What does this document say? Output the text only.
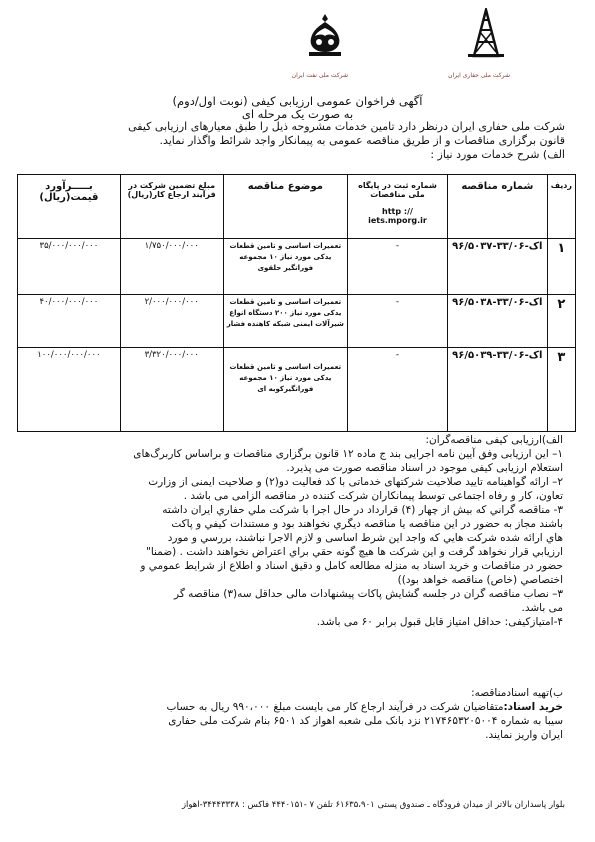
شرکت ملی نفت ایران	شرکت ملی حفاری ایران
آگهی فراخوان عمومی ارزیابی کیفی (نوبت اول/دوم)
به صورت یک مرحله ای
شرکت ملی حفاری ایران درنظر دارد تامین خدمات مشروحه ذیل را طبق معیارهای ارزیابی کیفی
قانون برگزاری مناقصات و از طریق مناقصه عمومی به پیمانکار واجد شرائط واگذار نماید.
الف) شرح خدمات مورد نیاز :
ردیف	شماره مناقصه	شماره ثبت در پایگاه ملی مناقصات
http ://
iets.mporg.ir	موضوع مناقصه	مبلغ تضمین شرکت در فرآیند ارجاع کار(ریال)	بـــــرآورد قیمت(ریال)
۱	۹۶/اک-۳۳/۰۶-۵۰۳۷	-	تعمیرات اساسی و تامین قطعات یدکی مورد نیاز ۱۰ مجموعه فورانگیر حلقوی	۱/۷۵۰/۰۰۰/۰۰۰	۳۵/۰۰۰/۰۰۰/۰۰۰
۲	۹۶/اک-۳۳/۰۶-۵۰۳۸	-	تعمیرات اساسی و تامین قطعات یدکی مورد نیاز ۲۰۰ دستگاه انواع شیرآلات ایمنی شبکه کاهنده فشار	۲/۰۰۰/۰۰۰/۰۰۰	۴۰/۰۰۰/۰۰۰/۰۰۰
۳	۹۶/اک-۳۳/۰۶-۵۰۳۹	-	تعمیرات اساسی و تامین قطعات یدکی مورد نیاز ۱۰ مجموعه فورانگیرکوبه ای	۳/۳۲۰/۰۰۰/۰۰۰	۱۰۰/۰۰۰/۰۰۰/۰۰۰

الف)ارزیابی کیفی مناقصه‌گران:

۱– این ارزیابی وفق آیین نامه اجرایی بند ج ماده ۱۲ قانون برگزاری مناقصات و براساس کاربرگ‌های

استعلام ارزیابی کیفی موجود در اسناد مناقصه صورت می پذیرد.

۲– ارائه گواهینامه تایید صلاحیت شرکتهای خدماتی با کد فعالیت دو(۲) و صلاحیت ایمنی از وزارت

تعاون، کار و رفاه اجتماعی توسط پیمانکاران شرکت کننده در مناقصه الزامی می باشد .

۳- مناقصه گراني كه بيش از چهار (۴) قرارداد در حال اجرا با شركت ملي حفاري ايران داشته

باشند مجاز به حضور در اين مناقصه يا مناقصه ديگري نخواهند بود و مستندات كيفي و پاكت

هاي ارائه شده شركت هايي كه واجد اين شرط اساسی و لازم الاجرا نباشند، بررسي و مورد

ارزيابي قرار نخواهد گرفت و اين شركت ها هيچ گونه حقي براي اعتراض نخواهند داشت . (ضمنا"

حضور در مناقصات و خريد اسناد به منزله مطالعه كامل و دقيق اسناد و اطلاع از شرايط عمومي و

اختصاصي (خاص) مناقصه خواهد بود))

۳– نصاب مناقصه گران در جلسه گشایش پاکات پیشنهادات مالی حداقل سه(۳) مناقصه گر

می باشد.

۴-امتیازکیفی: حداقل امتیاز قابل قبول برابر ۶۰ می باشد.

ب)تهیه اسنادمناقصه:

خرید اسناد:متقاضیان شرکت در فرآیند ارجاع کار می بایست مبلغ ۹۹۰،۰۰۰ ریال به حساب

سیبا به شماره ۲۱۷۴۶۵۳۲۰۵۰۰۴ نزد بانک ملی شعبه اهواز کد ۶۵۰۱ بنام شرکت ملی حفاری

ایران واریز نمایند.

بلوار پاسداران بالاتر از میدان فرودگاه ـ صندوق پستی ۶۱۶۳۵،۹۰۱ تلفن ۷ -۴۴۴۰۱۵۱ فاکس : ۳۴۴۴۳۳۳۸-اهواز
